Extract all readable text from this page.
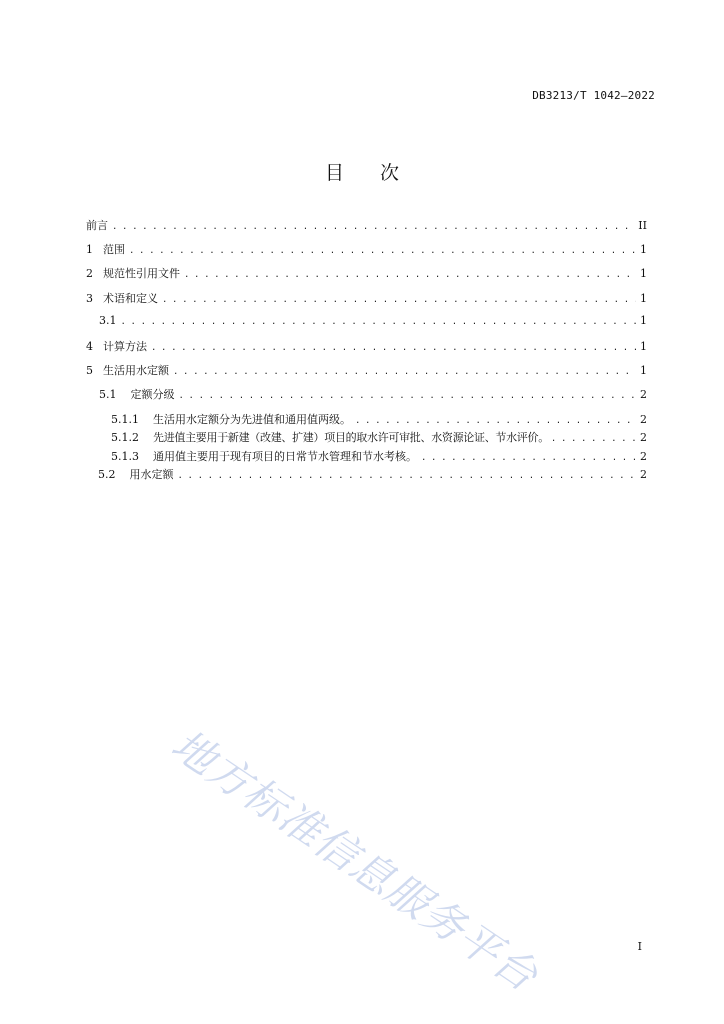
DB3213/T 1042—2022
目 次
前言 . . .	II
1 范围 . . .	1
2 规范性引用文件 . . .	1
3 术语和定义 . . .	1
3.1 . . .	1
4 计算方法 . . .	1
5 生活用水定额 . . .	1
5.1 定额分级 . . .	2
5.1.1 生活用水定额分为先进值和通用值两级。 . . .	2
5.1.2 先进值主要用于新建（改建、扩建）项目的取水许可审批、水资源论证、节水评价。 . . .	2
5.1.3 通用值主要用于现有项目的日常节水管理和节水考核。 . . .	2
5.2 用水定额 . . .	2
地方标准信息服务平台	I
